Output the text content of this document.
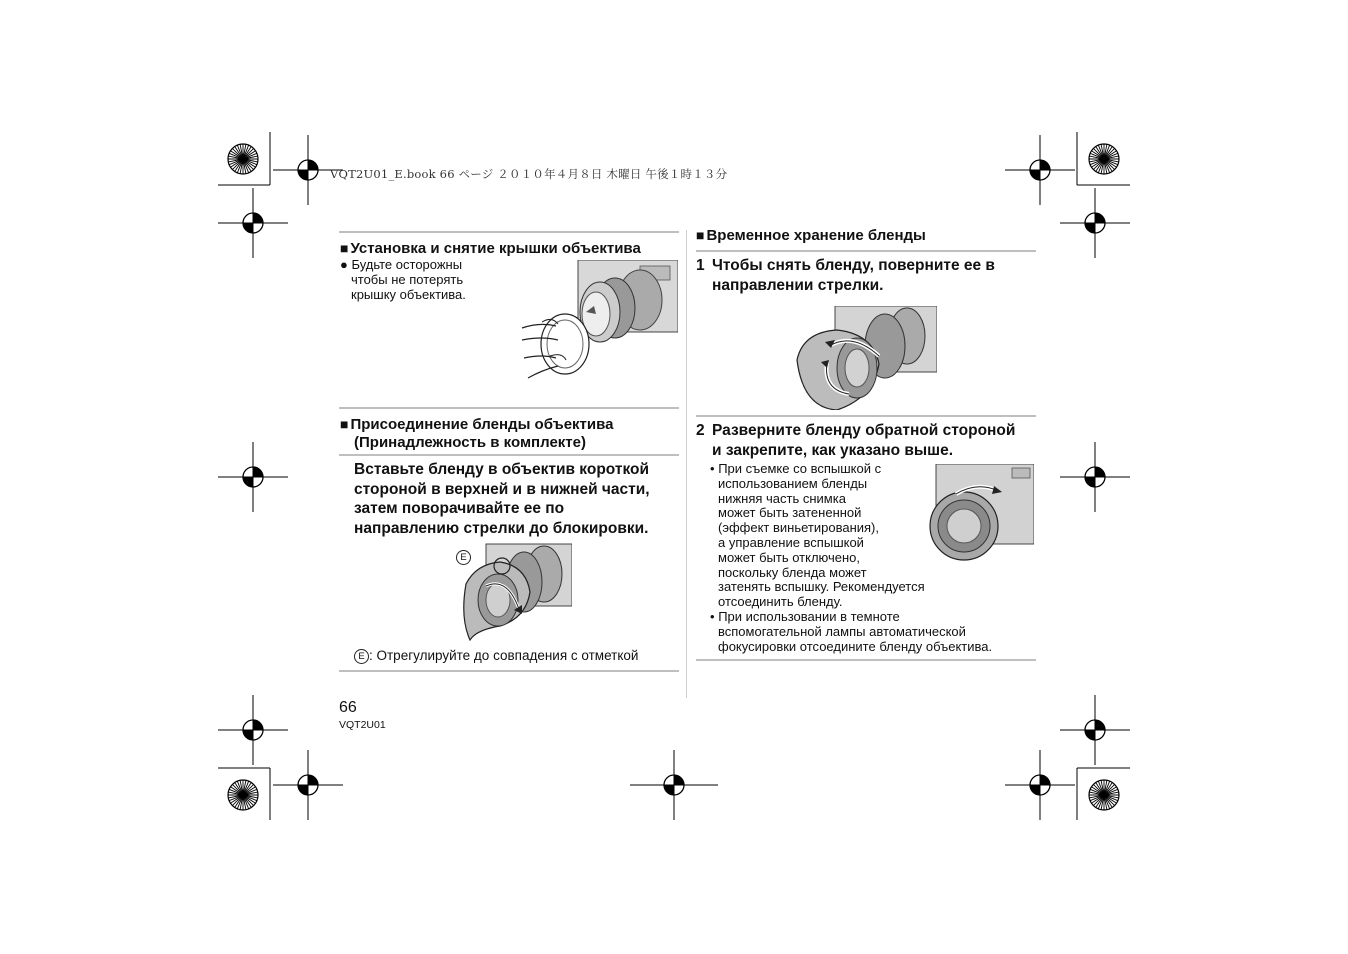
VQT2U01_E.book 66 ページ ２０１０年４月８日 木曜日 午後１時１３分
■ Установка и снятие крышки объектива
● Будьте осторожны
чтобы не потерять
крышку объектива.
■ Присоединение бленды объектива
(Принадлежность в комплекте)
Вставьте бленду в объектив короткой
стороной в верхней и в нижней части,
затем поворачивайте ее по
направлению стрелки до блокировки.
E
E : Отрегулируйте до совпадения с отметкой
■ Временное хранение бленды
1 Чтобы снять бленду, поверните ее в
направлении стрелки.
2 Разверните бленду обратной стороной
и закрепите, как указано выше.
• При съемке со вспышкой с
использованием бленды
нижняя часть снимка
может быть затененной
(эффект виньетирования),
а управление вспышкой
может быть отключено,
поскольку бленда может
затенять вспышку. Рекомендуется
отсоединить бленду.
• При использовании в темноте
вспомогательной лампы автоматической
фокусировки отсоедините бленду объектива.
66
VQT2U01
